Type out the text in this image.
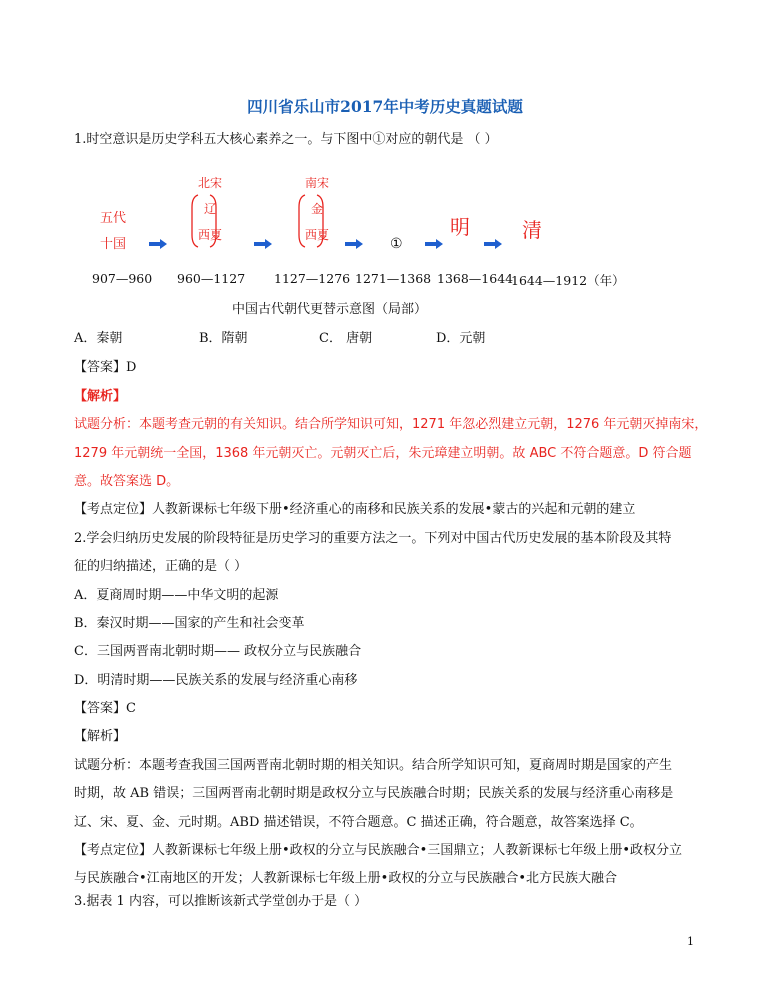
四川省乐山市2017年中考历史真题试题
1.时空意识是历史学科五大核心素养之一。与下图中①对应的朝代是 （ ）
五代
十国
北宋
辽
西夏
南宋
金
西夏
①
明	清
907—960 960—1127 1127—1276 1271—1368 1368—1644
1644—1912（年）
中国古代朝代更替示意图（局部）
A．秦朝	B．隋朝	C． 唐朝	D．元朝
【答案】D
【解析】
试题分析：本题考查元朝的有关知识。结合所学知识可知，1271 年忽必烈建立元朝，1276 年元朝灭掉南宋，
1279 年元朝统一全国，1368 年元朝灭亡。元朝灭亡后，朱元璋建立明朝。故 ABC 不符合题意。D 符合题
意。故答案选 D。
【考点定位】人教新课标七年级下册•经济重心的南移和民族关系的发展•蒙古的兴起和元朝的建立
2.学会归纳历史发展的阶段特征是历史学习的重要方法之一。下列对中国古代历史发展的基本阶段及其特
征的归纳描述，正确的是（ ）
A．夏商周时期——中华文明的起源
B．秦汉时期——国家的产生和社会变革
C．三国两晋南北朝时期—— 政权分立与民族融合
D．明清时期——民族关系的发展与经济重心南移
【答案】C
【解析】
试题分析：本题考查我国三国两晋南北朝时期的相关知识。结合所学知识可知，夏商周时期是国家的产生
时期，故 AB 错误；三国两晋南北朝时期是政权分立与民族融合时期；民族关系的发展与经济重心南移是
辽、宋、夏、金、元时期。ABD 描述错误，不符合题意。C 描述正确，符合题意，故答案选择 C。
【考点定位】人教新课标七年级上册•政权的分立与民族融合•三国鼎立；人教新课标七年级上册•政权分立
与民族融合•江南地区的开发；人教新课标七年级上册•政权的分立与民族融合•北方民族大融合
3.据表 1 内容，可以推断该新式学堂创办于是（ ）
1
